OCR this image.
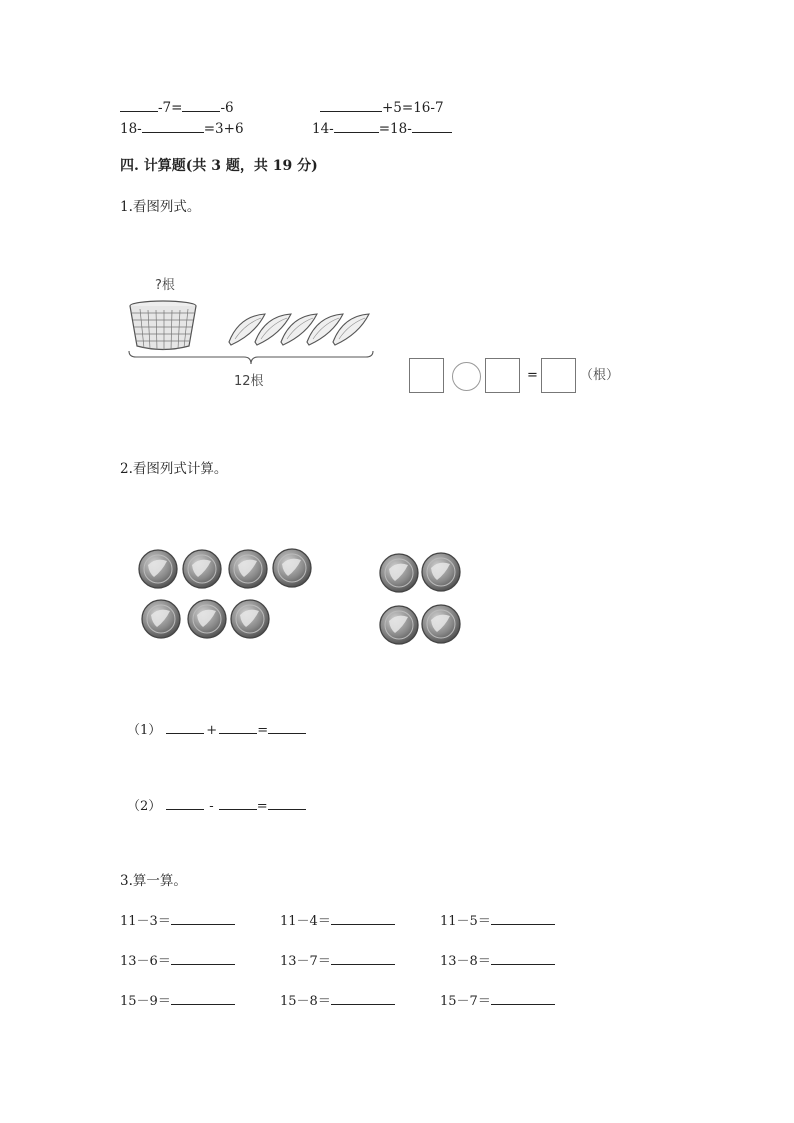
-7=	-6	+5=16-7
18-	=3+6	14-	=18-
四. 计算题(共 3 题，共 19 分)
1.看图列式。
?根
12根	=	（根）
2.看图列式计算。
（1）	+	=
（2）	-	=
3.算一算。
11－3＝	11－4＝	11－5＝
13－6＝	13－7＝	13－8＝
15－9＝	15－8＝	15－7＝
